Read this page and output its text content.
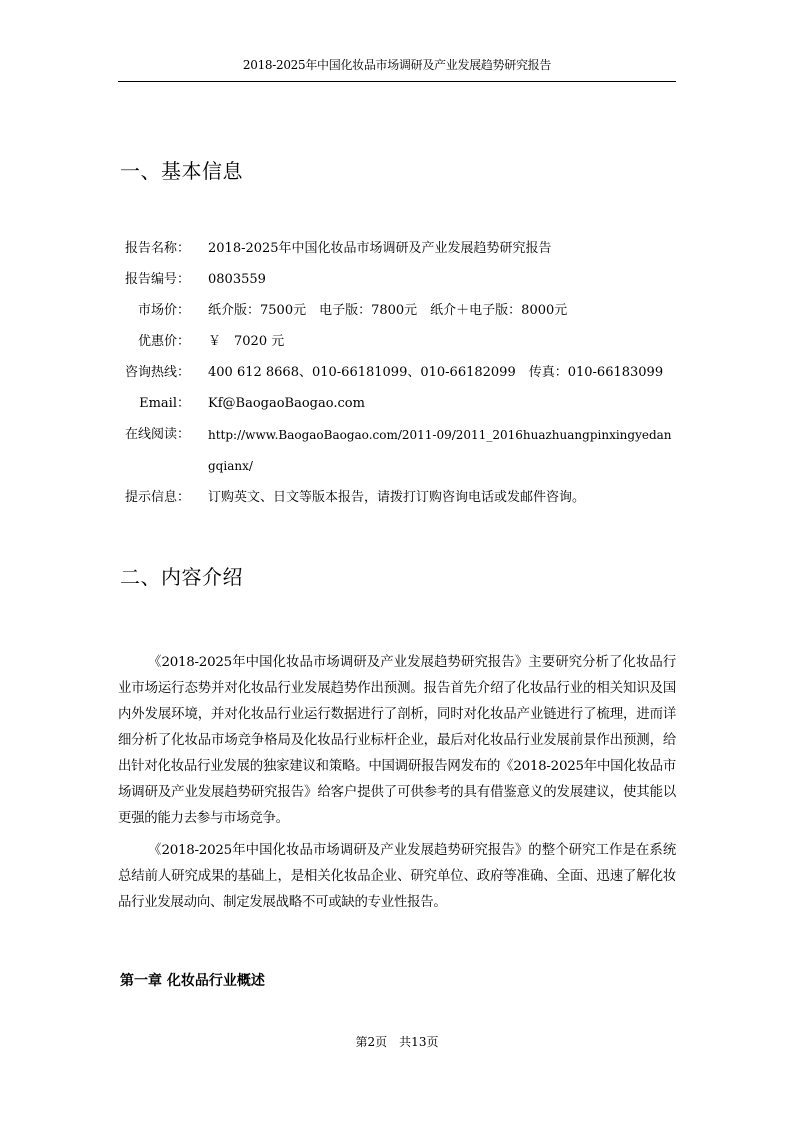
2018-2025年中国化妆品市场调研及产业发展趋势研究报告
一、基本信息
报告名称： 2018-2025年中国化妆品市场调研及产业发展趋势研究报告
报告编号： 0803559
市场价： 纸介版：7500元　电子版：7800元　纸介＋电子版：8000元
优惠价： ￥　7020 元
咨询热线： 400 612 8668、010-66181099、010-66182099　传真：010-66183099
Email： Kf@BaogaoBaogao.com
在线阅读： http://www.BaogaoBaogao.com/2011-09/2011_2016huazhuangpinxingyedangqianx/
提示信息： 订购英文、日文等版本报告，请拨打订购咨询电话或发邮件咨询。
二、内容介绍

《2018-2025年中国化妆品市场调研及产业发展趋势研究报告》主要研究分析了化妆品行业市场运行态势并对化妆品行业发展趋势作出预测。报告首先介绍了化妆品行业的相关知识及国内外发展环境，并对化妆品行业运行数据进行了剖析，同时对化妆品产业链进行了梳理，进而详细分析了化妆品市场竞争格局及化妆品行业标杆企业，最后对化妆品行业发展前景作出预测，给出针对化妆品行业发展的独家建议和策略。中国调研报告网发布的《2018-2025年中国化妆品市场调研及产业发展趋势研究报告》给客户提供了可供参考的具有借鉴意义的发展建议，使其能以更强的能力去参与市场竞争。

《2018-2025年中国化妆品市场调研及产业发展趋势研究报告》的整个研究工作是在系统总结前人研究成果的基础上，是相关化妆品企业、研究单位、政府等准确、全面、迅速了解化妆品行业发展动向、制定发展战略不可或缺的专业性报告。

第一章 化妆品行业概述
第2页　共13页
